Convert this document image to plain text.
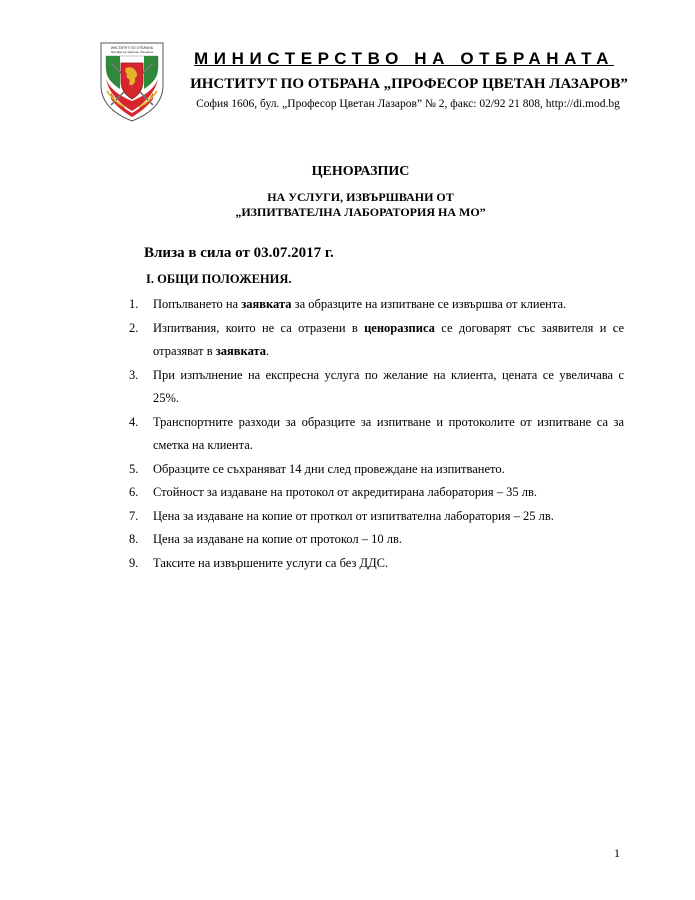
ИНСТИТУТ ПО ОТБРАНА
Професор Цветан Лазаров	МИНИСТЕРСТВО НА ОТБРАНАТА
ИНСТИТУТ ПО ОТБРАНА „ПРОФЕСОР ЦВЕТАН ЛАЗАРОВ”
София 1606, бул. „Професор Цветан Лазаров” № 2, факс: 02/92 21 808, http://di.mod.bg
ЦЕНОРАЗПИС
НА УСЛУГИ, ИЗВЪРШВАНИ ОТ
„ИЗПИТВАТЕЛНА ЛАБОРАТОРИЯ НА МО”
Влиза в сила от 03.07.2017 г.
I. ОБЩИ ПОЛОЖЕНИЯ.
1.	Попълването на заявката за образците на изпитване се извършва от клиента.
2.	Изпитвания, които не са отразени в ценоразписа се договарят със заявителя и се отразяват в заявката.
3.	При изпълнение на експресна услуга по желание на клиента, цената се увеличава с 25%.
4.	Транспортните разходи за образците за изпитване и протоколите от изпитване са за сметка на клиента.
5.	Образците се съхраняват 14 дни след провеждане на изпитването.
6.	Стойност за издаване на протокол от акредитирана лаборатория – 35 лв.
7.	Цена за издаване на копие от проткол от изпитвателна лаборатория – 25 лв.
8.	Цена за издаване на копие от протокол – 10 лв.
9.	Таксите на извършените услуги са без ДДС.
1
